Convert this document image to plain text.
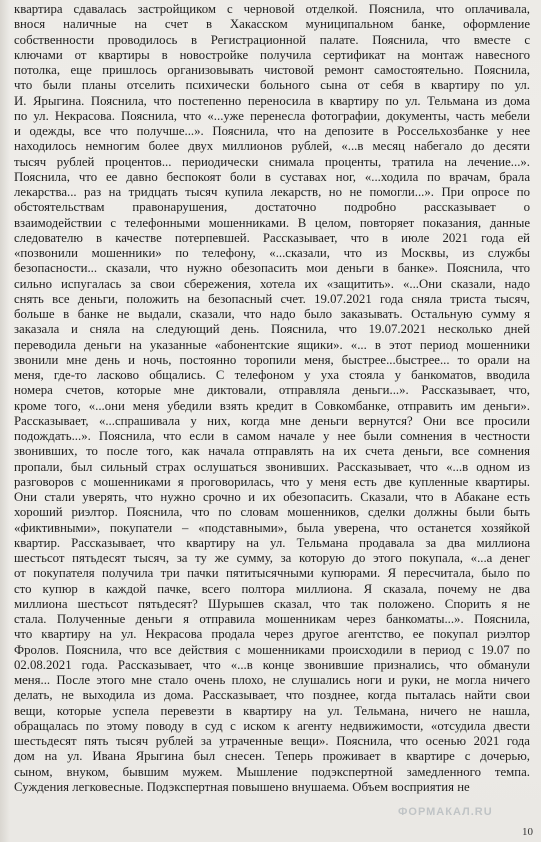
квартира сдавалась застройщиком с черновой отделкой. Пояснила, что оплачивала,
внося наличные на счет в Хакасском муниципальном банке, оформление
собственности проводилось в Регистрационной палате. Пояснила, что вместе с
ключами от квартиры в новостройке получила сертификат на монтаж навесного
потолка, еще пришлось организовывать чистовой ремонт самостоятельно. Пояснила,
что были планы отселить психически больного сына от себя в квартиру по ул.
И. Ярыгина. Пояснила, что постепенно переносила в квартиру по ул. Тельмана из дома
по ул. Некрасова. Пояснила, что «...уже перенесла фотографии, документы, часть мебели
и одежды, все что получше...». Пояснила, что на депозите в Россельхозбанке у нее
находилось немногим более двух миллионов рублей, «...в месяц набегало до десяти
тысяч рублей процентов... периодически снимала проценты, тратила на лечение...».
Пояснила, что ее давно беспокоят боли в суставах ног, «...ходила по врачам, брала
лекарства... раз на тридцать тысяч купила лекарств, но не помогли...». При опросе по
обстоятельствам правонарушения, достаточно подробно рассказывает о
взаимодействии с телефонными мошенниками. В целом, повторяет показания, данные
следователю в качестве потерпевшей. Рассказывает, что в июле 2021 года ей
«позвонили мошенники» по телефону, «...сказали, что из Москвы, из службы
безопасности... сказали, что нужно обезопасить мои деньги в банке». Пояснила, что
сильно испугалась за свои сбережения, хотела их «защитить». «...Они сказали, надо
снять все деньги, положить на безопасный счет. 19.07.2021 года сняла триста тысяч,
больше в банке не выдали, сказали, что надо было заказывать. Остальную сумму я
заказала и сняла на следующий день. Пояснила, что 19.07.2021 несколько дней
переводила деньги на указанные «абонентские ящики». «... в этот период мошенники
звонили мне день и ночь, постоянно торопили меня, быстрее...быстрее... то орали на
меня, где-то ласково общались. С телефоном у уха стояла у банкоматов, вводила
номера счетов, которые мне диктовали, отправляла деньги...». Рассказывает, что,
кроме того, «...они меня убедили взять кредит в Совкомбанке, отправить им деньги».
Рассказывает, «...спрашивала у них, когда мне деньги вернутся? Они все просили
подождать...». Пояснила, что если в самом начале у нее были сомнения в честности
звонивших, то после того, как начала отправлять на их счета деньги, все сомнения
пропали, был сильный страх ослушаться звонивших. Рассказывает, что «...в одном из
разговоров с мошенниками я проговорилась, что у меня есть две купленные квартиры.
Они стали уверять, что нужно срочно и их обезопасить. Сказали, что в Абакане есть
хороший риэлтор. Пояснила, что по словам мошенников, сделки должны были быть
«фиктивными», покупатели – «подставными», была уверена, что останется хозяйкой
квартир. Рассказывает, что квартиру на ул. Тельмана продавала за два миллиона
шестьсот пятьдесят тысяч, за ту же сумму, за которую до этого покупала, «...а денег
от покупателя получила три пачки пятитысячными купюрами. Я пересчитала, было по
сто купюр в каждой пачке, всего полтора миллиона. Я сказала, почему не два
миллиона шестьсот пятьдесят? Шурышев сказал, что так положено. Спорить я не
стала. Полученные деньги я отправила мошенникам через банкоматы...». Пояснила,
что квартиру на ул. Некрасова продала через другое агентство, ее покупал риэлтор
Фролов. Пояснила, что все действия с мошенниками происходили в период с 19.07 по
02.08.2021 года. Рассказывает, что «...в конце звонившие признались, что обманули
меня... После этого мне стало очень плохо, не слушались ноги и руки, не могла ничего
делать, не выходила из дома. Рассказывает, что позднее, когда пыталась найти свои
вещи, которые успела перевезти в квартиру на ул. Тельмана, ничего не нашла,
обращалась по этому поводу в суд с иском к агенту недвижимости, «отсудила двести
шестьдесят пять тысяч рублей за утраченные вещи». Пояснила, что осенью 2021 года
дом на ул. Ивана Ярыгина был снесен. Теперь проживает в квартире с дочерью,
сыном, внуком, бывшим мужем. Мышление подэкспертной замедленного темпа.
Суждения легковесные. Подэкспертная повышено внушаема. Объем восприятия не
ФОРМАКАЛ.RU
10
